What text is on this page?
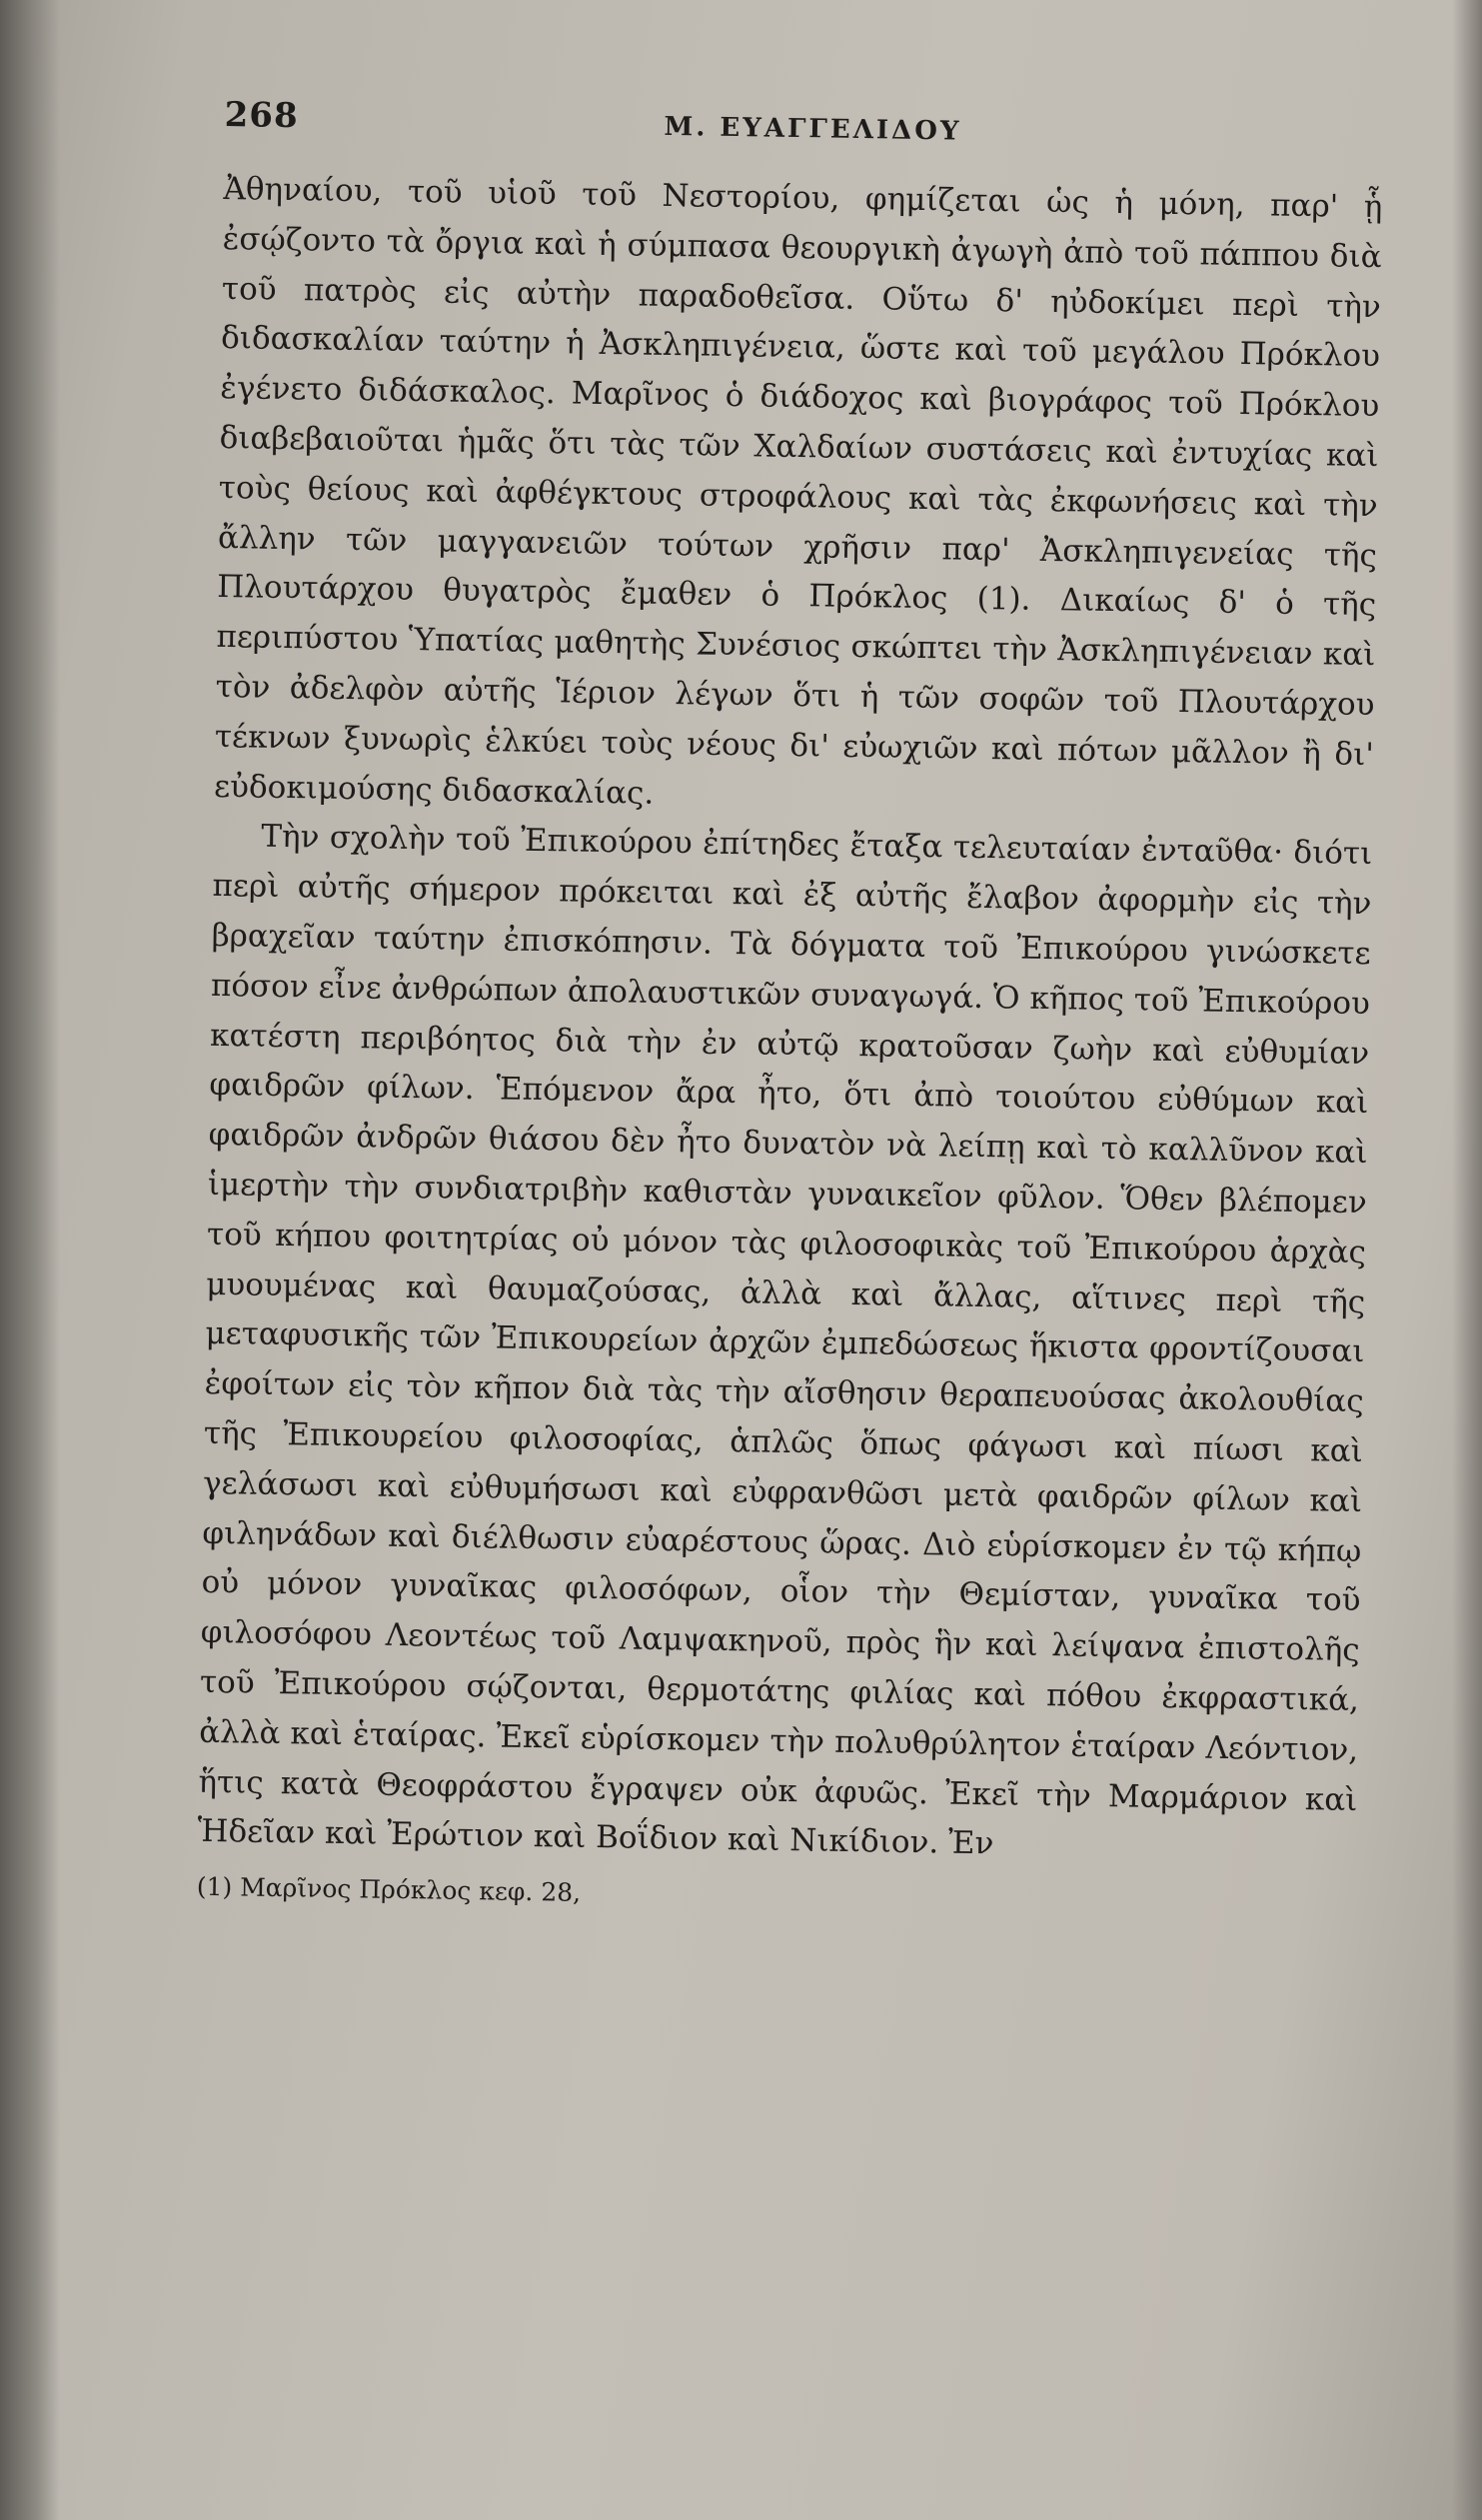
268	Μ. ΕΥΑΓΓΕΛΙΔΟΥ

Ἀθηναίου, τοῦ υἱοῦ τοῦ Νεστορίου, φημίζεται ὡς ἡ μόνη, παρ' ᾗ ἐσῴζοντο τὰ ὄργια καὶ ἡ σύμπασα θεουργικὴ ἀγωγὴ ἀπὸ τοῦ πάππου διὰ τοῦ πατρὸς εἰς αὐτὴν παραδοθεῖσα. Οὕτω δ' ηὐδοκίμει περὶ τὴν διδασκαλίαν ταύτην ἡ Ἀσκληπιγένεια, ὥστε καὶ τοῦ μεγάλου Πρόκλου ἐγένετο διδάσκαλος. Μαρῖνος ὁ διάδοχος καὶ βιογράφος τοῦ Πρόκλου διαβεβαιοῦται ἡμᾶς ὅτι τὰς τῶν Χαλδαίων συστάσεις καὶ ἐντυχίας καὶ τοὺς θείους καὶ ἀφθέγκτους στροφάλους καὶ τὰς ἐκφωνήσεις καὶ τὴν ἄλλην τῶν μαγγανειῶν τούτων χρῆσιν παρ' Ἀσκληπιγενείας τῆς Πλουτάρχου θυγατρὸς ἔμαθεν ὁ Πρόκλος (1). Δικαίως δ' ὁ τῆς περιπύστου Ὑπατίας μαθητὴς Συνέσιος σκώπτει τὴν Ἀσκληπιγένειαν καὶ τὸν ἀδελφὸν αὐτῆς Ἱέριον λέγων ὅτι ἡ τῶν σοφῶν τοῦ Πλουτάρχου τέκνων ξυνωρὶς ἑλκύει τοὺς νέους δι' εὐωχιῶν καὶ πότων μᾶλλον ἢ δι' εὐδοκιμούσης διδασκαλίας.

Τὴν σχολὴν τοῦ Ἐπικούρου ἐπίτηδες ἔταξα τελευταίαν ἐνταῦθα· διότι περὶ αὐτῆς σήμερον πρόκειται καὶ ἐξ αὐτῆς ἔλαβον ἀφορμὴν εἰς τὴν βραχεῖαν ταύτην ἐπισκόπησιν. Τὰ δόγματα τοῦ Ἐπικούρου γινώσκετε πόσον εἶνε ἀνθρώπων ἀπολαυστικῶν συναγωγά. Ὁ κῆπος τοῦ Ἐπικούρου κατέστη περιβόητος διὰ τὴν ἐν αὐτῷ κρατοῦσαν ζωὴν καὶ εὐθυμίαν φαιδρῶν φίλων. Ἑπόμενον ἄρα ἦτο, ὅτι ἀπὸ τοιούτου εὐθύμων καὶ φαιδρῶν ἀνδρῶν θιάσου δὲν ἦτο δυνατὸν νὰ λείπῃ καὶ τὸ καλλῦνον καὶ ἱμερτὴν τὴν συνδιατριβὴν καθιστὰν γυναικεῖον φῦλον. Ὅθεν βλέπομεν τοῦ κήπου φοιτητρίας οὐ μόνον τὰς φιλοσοφικὰς τοῦ Ἐπικούρου ἀρχὰς μυουμένας καὶ θαυμαζούσας, ἀλλὰ καὶ ἄλλας, αἵτινες περὶ τῆς μεταφυσικῆς τῶν Ἐπικουρείων ἀρχῶν ἐμπεδώσεως ἥκιστα φροντίζουσαι ἐφοίτων εἰς τὸν κῆπον διὰ τὰς τὴν αἴσθησιν θεραπευούσας ἀκολουθίας τῆς Ἐπικουρείου φιλοσοφίας, ἁπλῶς ὅπως φάγωσι καὶ πίωσι καὶ γελάσωσι καὶ εὐθυμήσωσι καὶ εὐφρανθῶσι μετὰ φαιδρῶν φίλων καὶ φιληνάδων καὶ διέλθωσιν εὐαρέστους ὥρας. Διὸ εὑρίσκομεν ἐν τῷ κήπῳ οὐ μόνον γυναῖκας φιλοσόφων, οἷον τὴν Θεμίσταν, γυναῖκα τοῦ φιλοσόφου Λεοντέως τοῦ Λαμψακηνοῦ, πρὸς ἣν καὶ λείψανα ἐπιστολῆς τοῦ Ἐπικούρου σῴζονται, θερμοτάτης φιλίας καὶ πόθου ἐκφραστικά, ἀλλὰ καὶ ἑταίρας. Ἐκεῖ εὑρίσκομεν τὴν πολυθρύλητον ἑταίραν Λεόντιον, ἥτις κατὰ Θεοφράστου ἔγραψεν οὐκ ἀφυῶς. Ἐκεῖ τὴν Μαρμάριον καὶ Ἡδεῖαν καὶ Ἐρώτιον καὶ Βοΐδιον καὶ Νικίδιον. Ἐν

(1) Μαρῖνος Πρόκλος κεφ. 28,
